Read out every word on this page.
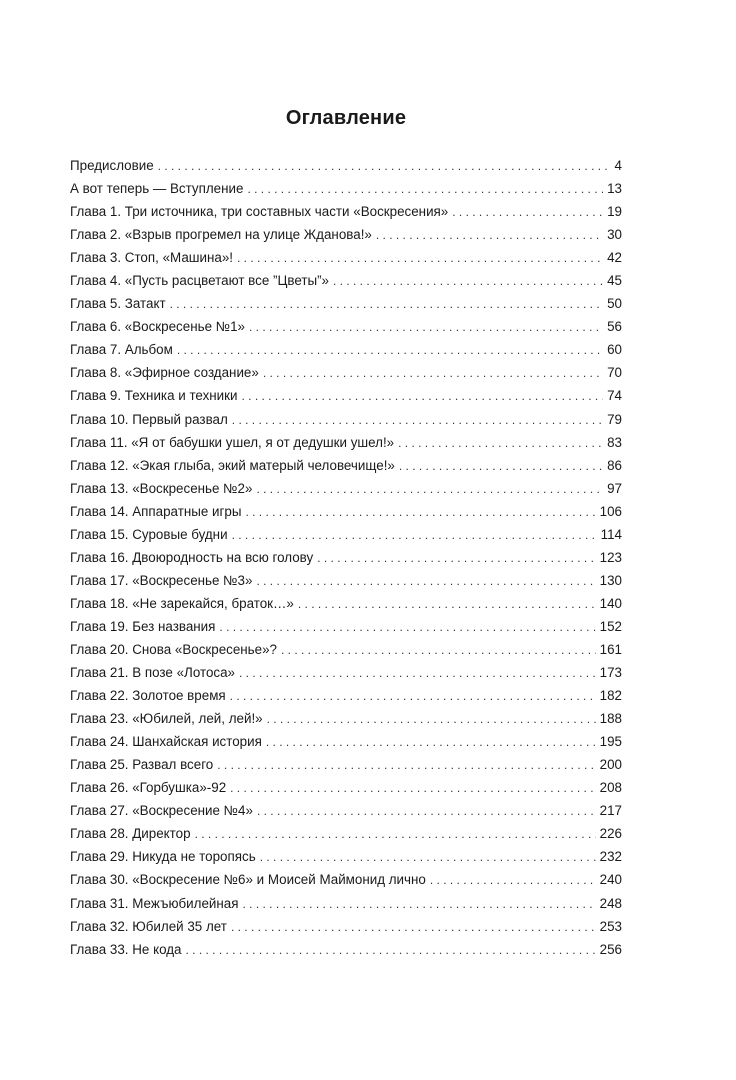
Оглавление
Предисловие . . .	4
А вот теперь — Вступление . . .	13
Глава 1. Три источника, три составных части «Воскресения» . . .	19
Глава 2. «Взрыв прогремел на улице Жданова!» . . .	30
Глава 3. Стоп, «Машина»! . . .	42
Глава 4. «Пусть расцветают все ”Цветы”» . . .	45
Глава 5. Затакт . . .	50
Глава 6. «Воскресенье №1» . . .	56
Глава 7. Альбом . . .	60
Глава 8. «Эфирное создание» . . .	70
Глава 9. Техника и техники . . .	74
Глава 10. Первый развал . . .	79
Глава 11. «Я от бабушки ушел, я от дедушки ушел!» . . .	83
Глава 12. «Экая глыба, экий матерый человечище!» . . .	86
Глава 13. «Воскресенье №2» . . .	97
Глава 14. Аппаратные игры . . .	106
Глава 15. Суровые будни . . .	114
Глава 16. Двоюродность на всю голову . . .	123
Глава 17. «Воскресенье №3» . . .	130
Глава 18. «Не зарекайся, браток…» . . .	140
Глава 19. Без названия . . .	152
Глава 20. Снова «Воскресенье»? . . .	161
Глава 21. В позе «Лотоса» . . .	173
Глава 22. Золотое время . . .	182
Глава 23. «Юбилей, лей, лей!» . . .	188
Глава 24. Шанхайская история . . .	195
Глава 25. Развал всего . . .	200
Глава 26. «Горбушка»-92 . . .	208
Глава 27. «Воскресение №4» . . .	217
Глава 28. Директор . . .	226
Глава 29. Никуда не торопясь . . .	232
Глава 30. «Воскресение №6» и Моисей Маймонид лично . . .	240
Глава 31. Межъюбилейная . . .	248
Глава 32. Юбилей 35 лет . . .	253
Глава 33. Не кода . . .	256
